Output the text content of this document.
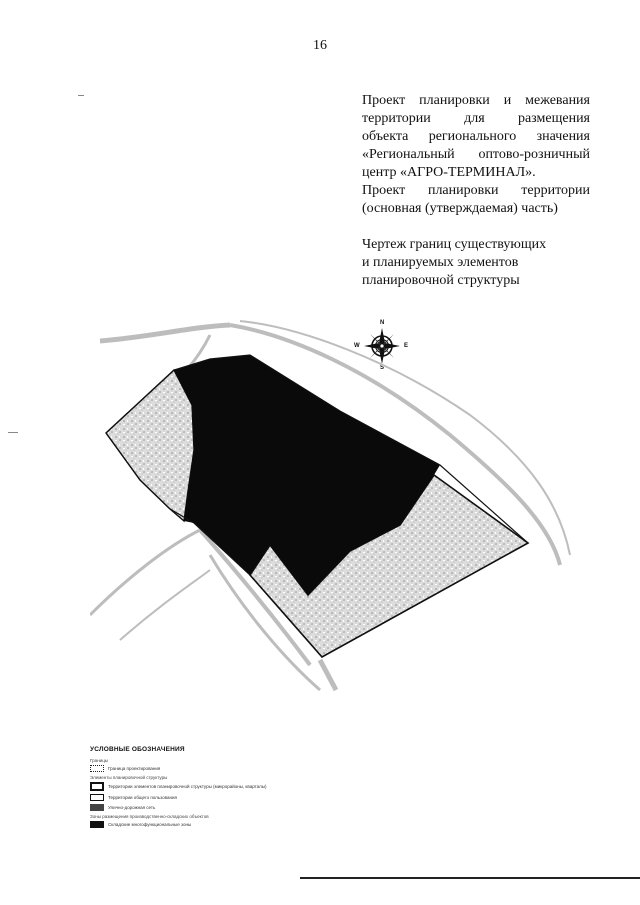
16
Проект планировки и межевания
территории для размещения
объекта регионального значения
«Региональный оптово-розничный
центр «АГРО-ТЕРМИНАЛ».
Проект планировки территории
(основная (утверждаемая) часть)
Чертеж границ существующих
и планируемых элементов
планировочной структуры
N
S
W	E
УСЛОВНЫЕ ОБОЗНАЧЕНИЯ
Границы
Граница проектирования
Элементы планировочной структуры
Территории элементов планировочной структуры (микрорайоны, кварталы)
Территории общего пользования
Улично-дорожная сеть
Зоны размещения производственно-складских объектов
Складские многофункциональные зоны
